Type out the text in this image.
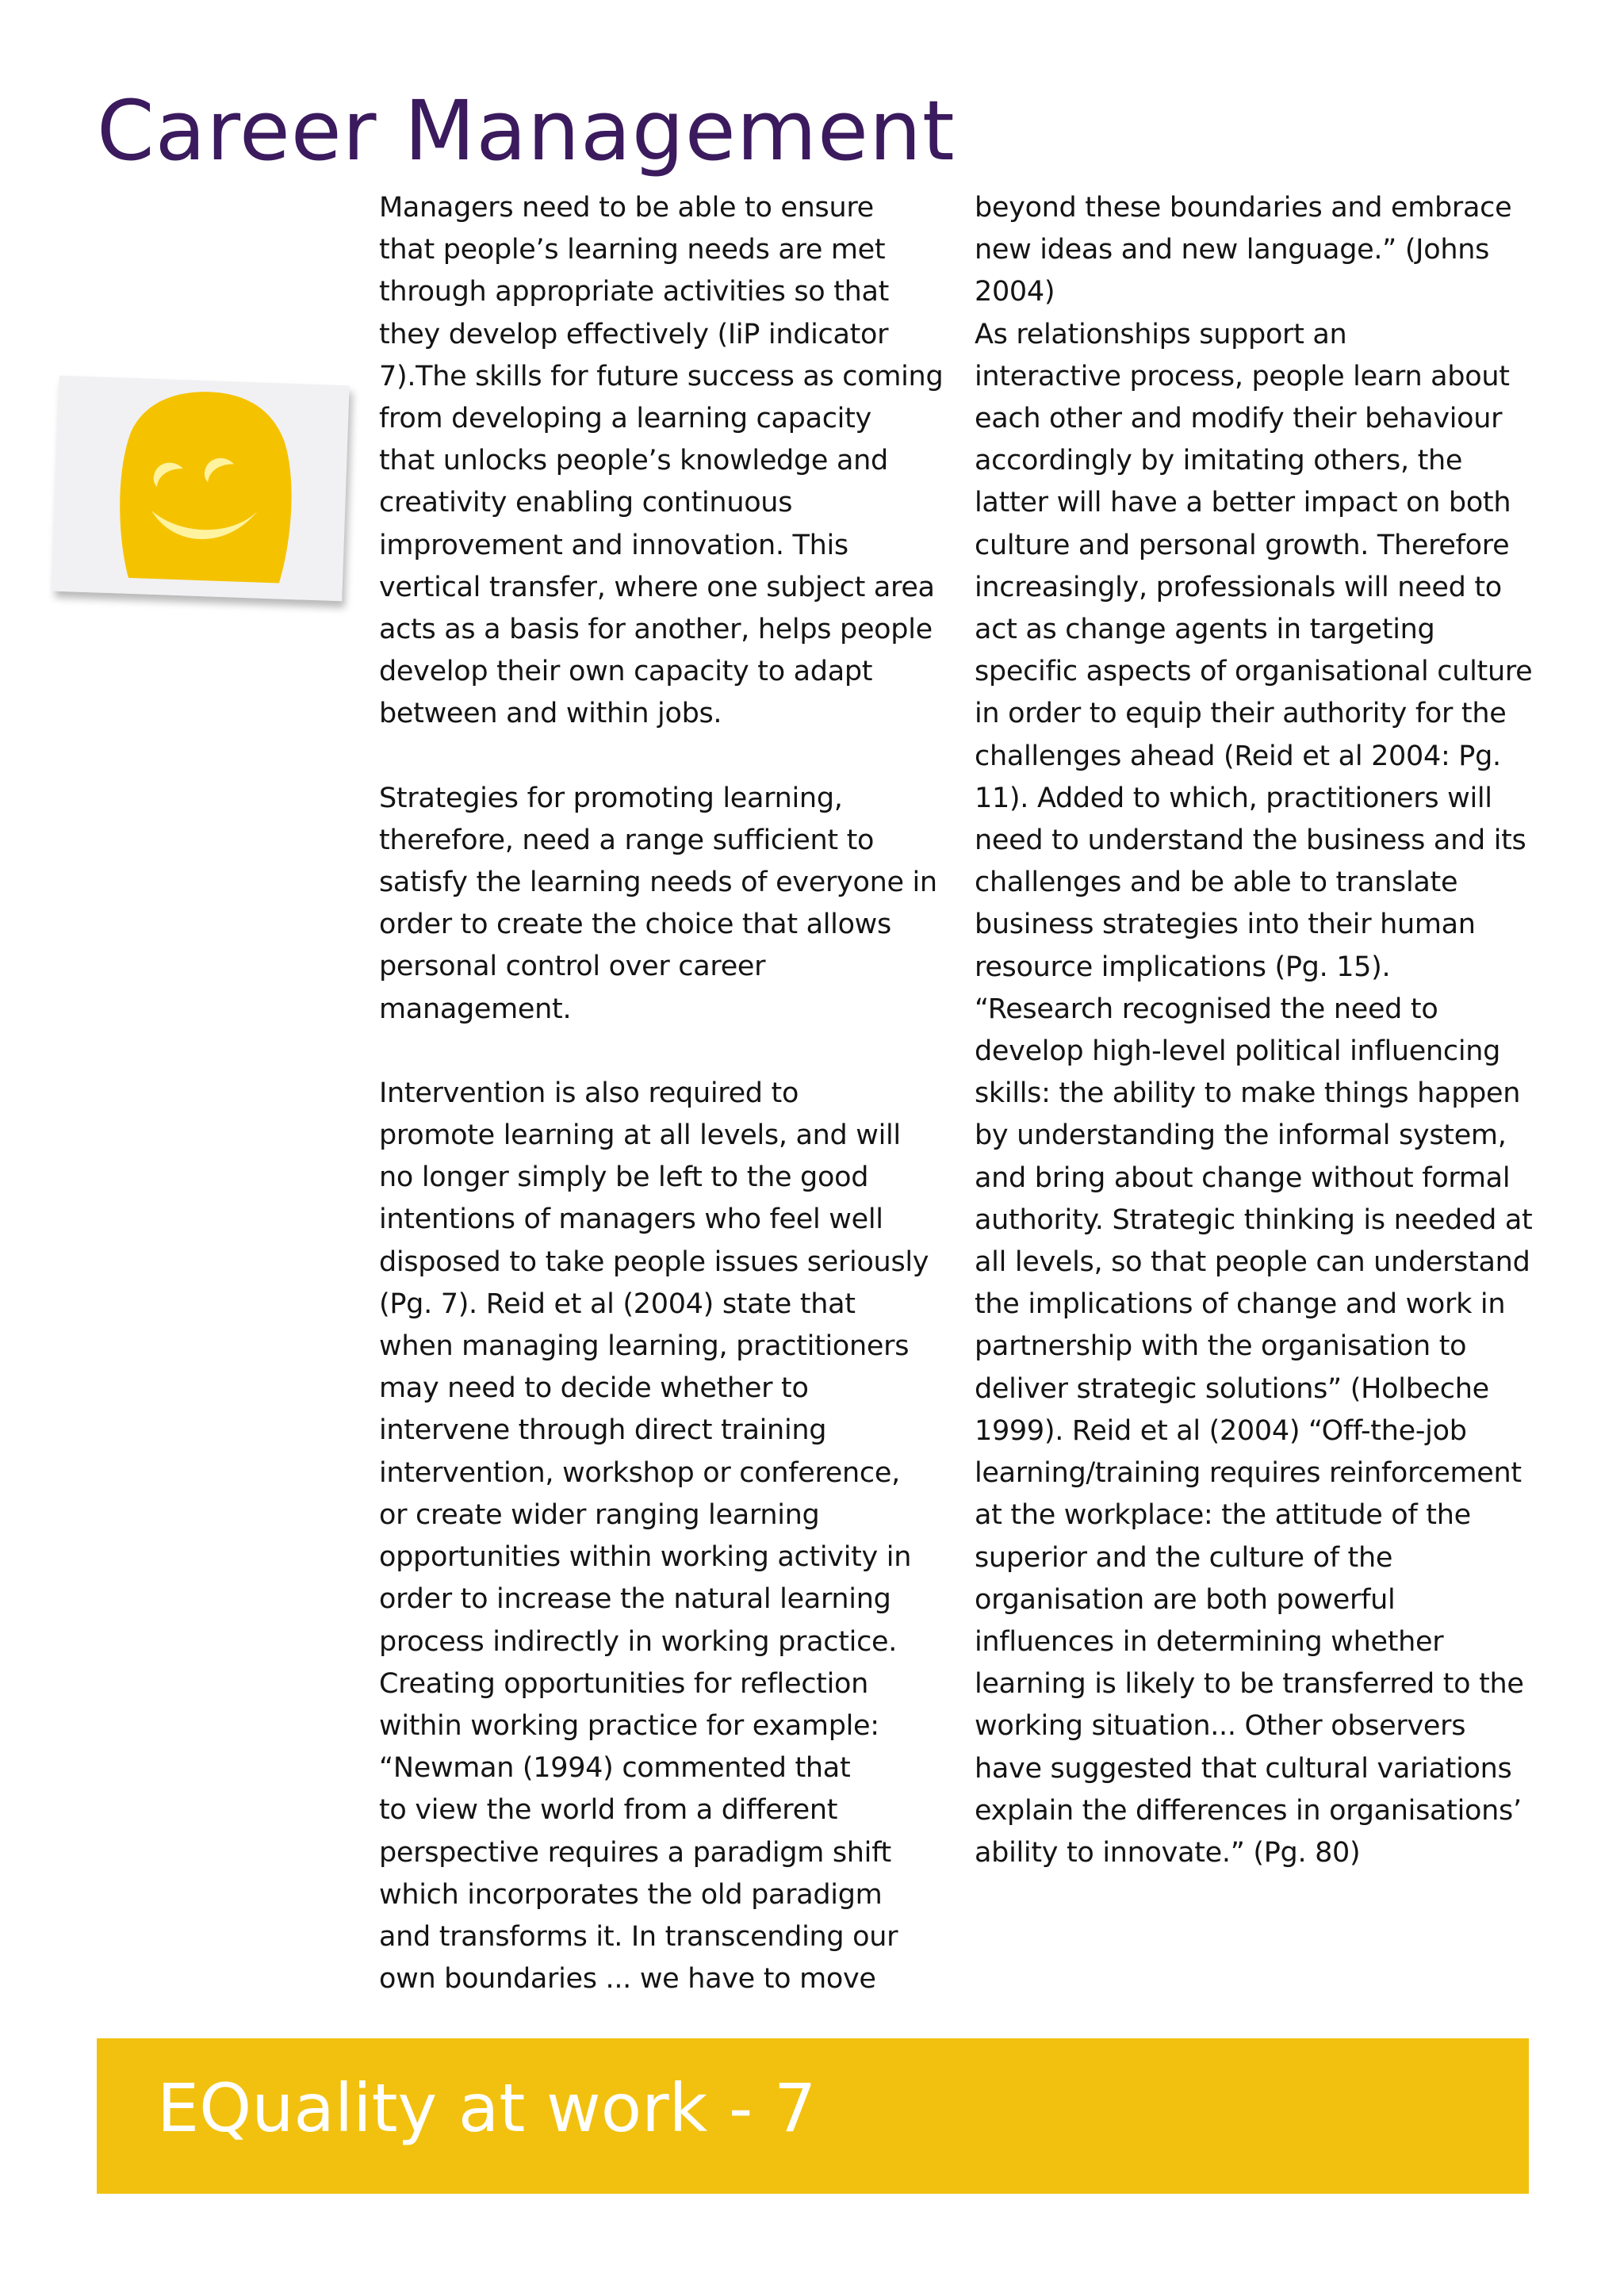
Career Management

Managers need to be able to ensure
that people’s learning needs are met
through appropriate activities so that
they develop effectively (IiP indicator
7).The skills for future success as coming
from developing a learning capacity
that unlocks people’s knowledge and
creativity enabling continuous
improvement and innovation. This
vertical transfer, where one subject area
acts as a basis for another, helps people
develop their own capacity to adapt
between and within jobs.

Strategies for promoting learning,
therefore, need a range sufficient to
satisfy the learning needs of everyone in
order to create the choice that allows
personal control over career
management.

Intervention is also required to
promote learning at all levels, and will
no longer simply be left to the good
intentions of managers who feel well
disposed to take people issues seriously
(Pg. 7). Reid et al (2004) state that
when managing learning, practitioners
may need to decide whether to
intervene through direct training
intervention, workshop or conference,
or create wider ranging learning
opportunities within working activity in
order to increase the natural learning
process indirectly in working practice.
Creating opportunities for reflection
within working practice for example:
“Newman (1994) commented that
to view the world from a different
perspective requires a paradigm shift
which incorporates the old paradigm
and transforms it. In transcending our
own boundaries ... we have to move

beyond these boundaries and embrace
new ideas and new language.” (Johns
2004)
As relationships support an
interactive process, people learn about
each other and modify their behaviour
accordingly by imitating others, the
latter will have a better impact on both
culture and personal growth. Therefore
increasingly, professionals will need to
act as change agents in targeting
specific aspects of organisational culture
in order to equip their authority for the
challenges ahead (Reid et al 2004: Pg.
11). Added to which, practitioners will
need to understand the business and its
challenges and be able to translate
business strategies into their human
resource implications (Pg. 15).
“Research recognised the need to
develop high-level political influencing
skills: the ability to make things happen
by understanding the informal system,
and bring about change without formal
authority. Strategic thinking is needed at
all levels, so that people can understand
the implications of change and work in
partnership with the organisation to
deliver strategic solutions” (Holbeche
1999). Reid et al (2004) “Off-the-job
learning/training requires reinforcement
at the workplace: the attitude of the
superior and the culture of the
organisation are both powerful
influences in determining whether
learning is likely to be transferred to the
working situation... Other observers
have suggested that cultural variations
explain the differences in organisations’
ability to innovate.” (Pg. 80)

EQuality at work - 7
